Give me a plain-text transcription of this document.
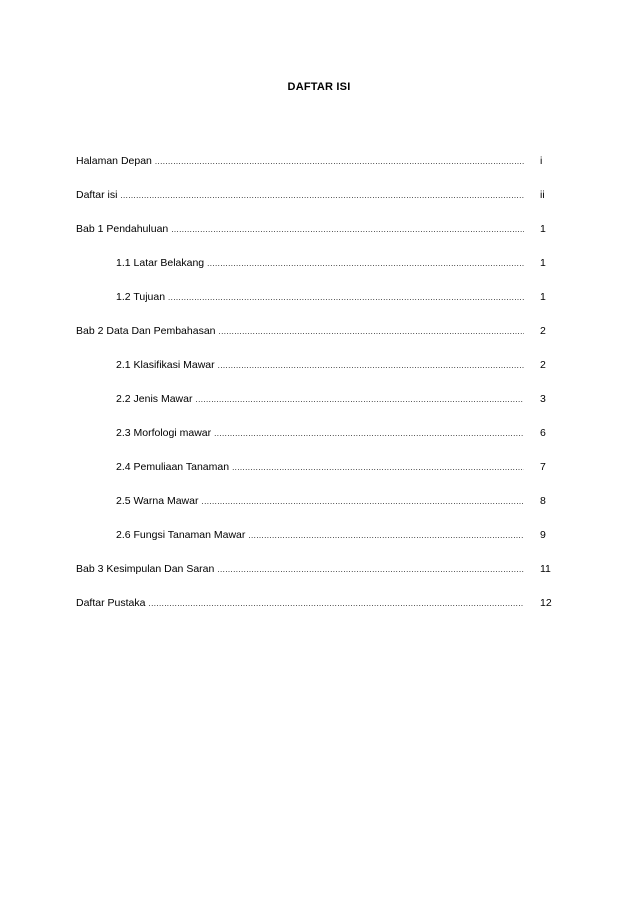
DAFTAR ISI
Halaman Depan .....	i
Daftar isi .....	ii
Bab 1 Pendahuluan .....	1
1.1 Latar Belakang .....	1
1.2 Tujuan .....	1
Bab 2 Data Dan Pembahasan .....	2
2.1 Klasifikasi Mawar .....	2
2.2 Jenis Mawar .....	3
2.3 Morfologi mawar .....	6
2.4 Pemuliaan Tanaman .....	7
2.5 Warna Mawar .....	8
2.6 Fungsi Tanaman Mawar .....	9
Bab 3 Kesimpulan Dan Saran .....	11
Daftar Pustaka .....	12
